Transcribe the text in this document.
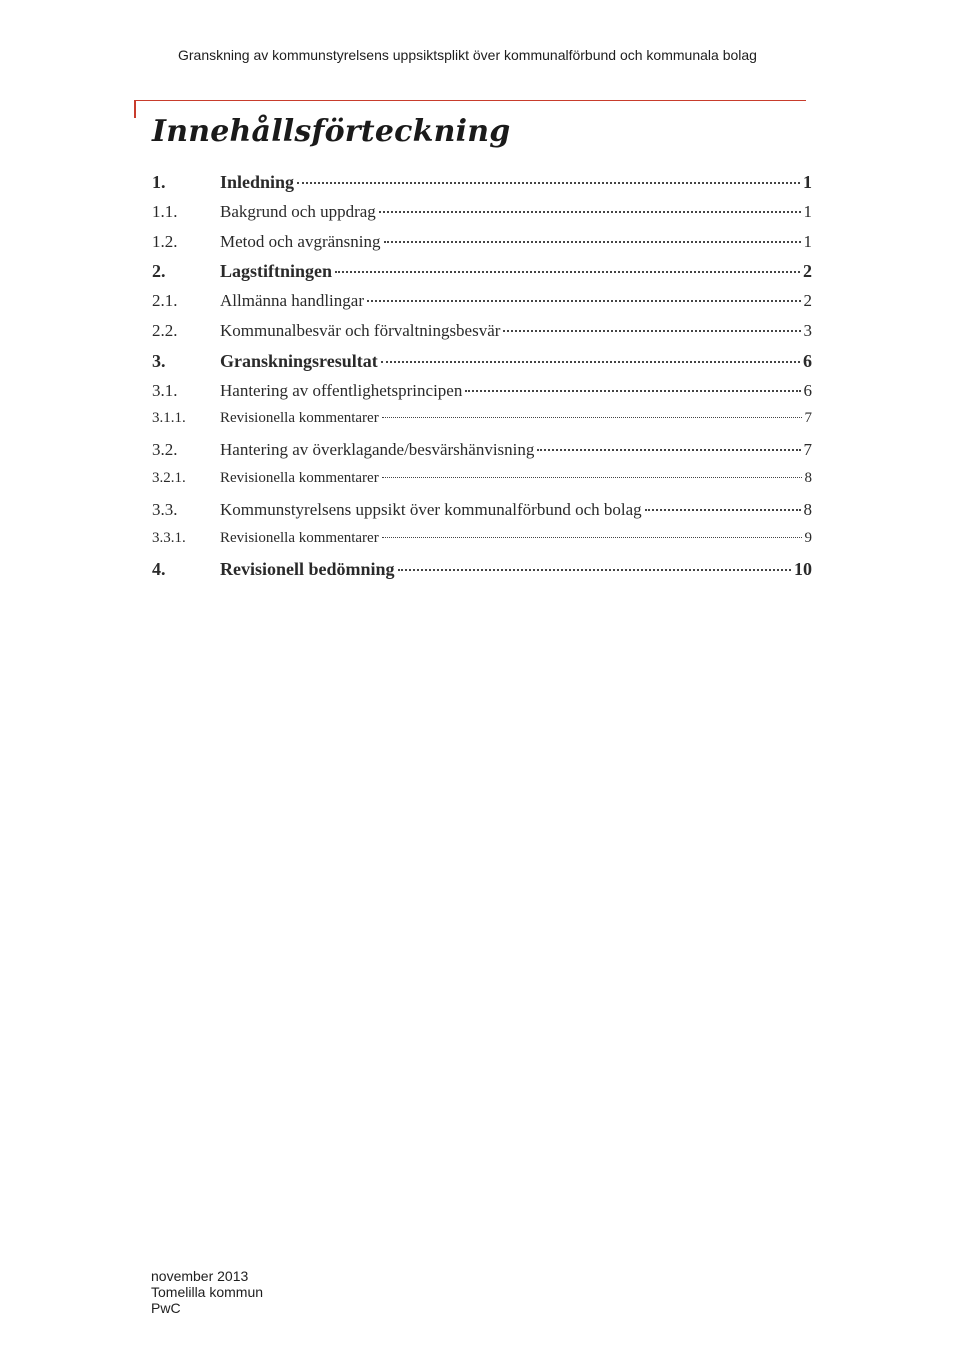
Granskning av kommunstyrelsens uppsiktsplikt över kommunalförbund och kommunala bolag
Innehållsförteckning
1.	Inledning	1
1.1.	Bakgrund och uppdrag	1
1.2.	Metod och avgränsning	1
2.	Lagstiftningen	2
2.1.	Allmänna handlingar	2
2.2.	Kommunalbesvär och förvaltningsbesvär	3
3.	Granskningsresultat	6
3.1.	Hantering av offentlighetsprincipen	6
3.1.1.	Revisionella kommentarer	7
3.2.	Hantering av överklagande/besvärshänvisning	7
3.2.1.	Revisionella kommentarer	8
3.3.	Kommunstyrelsens uppsikt över kommunalförbund och bolag	8
3.3.1.	Revisionella kommentarer	9
4.	Revisionell bedömning	10
november 2013
Tomelilla kommun
PwC
